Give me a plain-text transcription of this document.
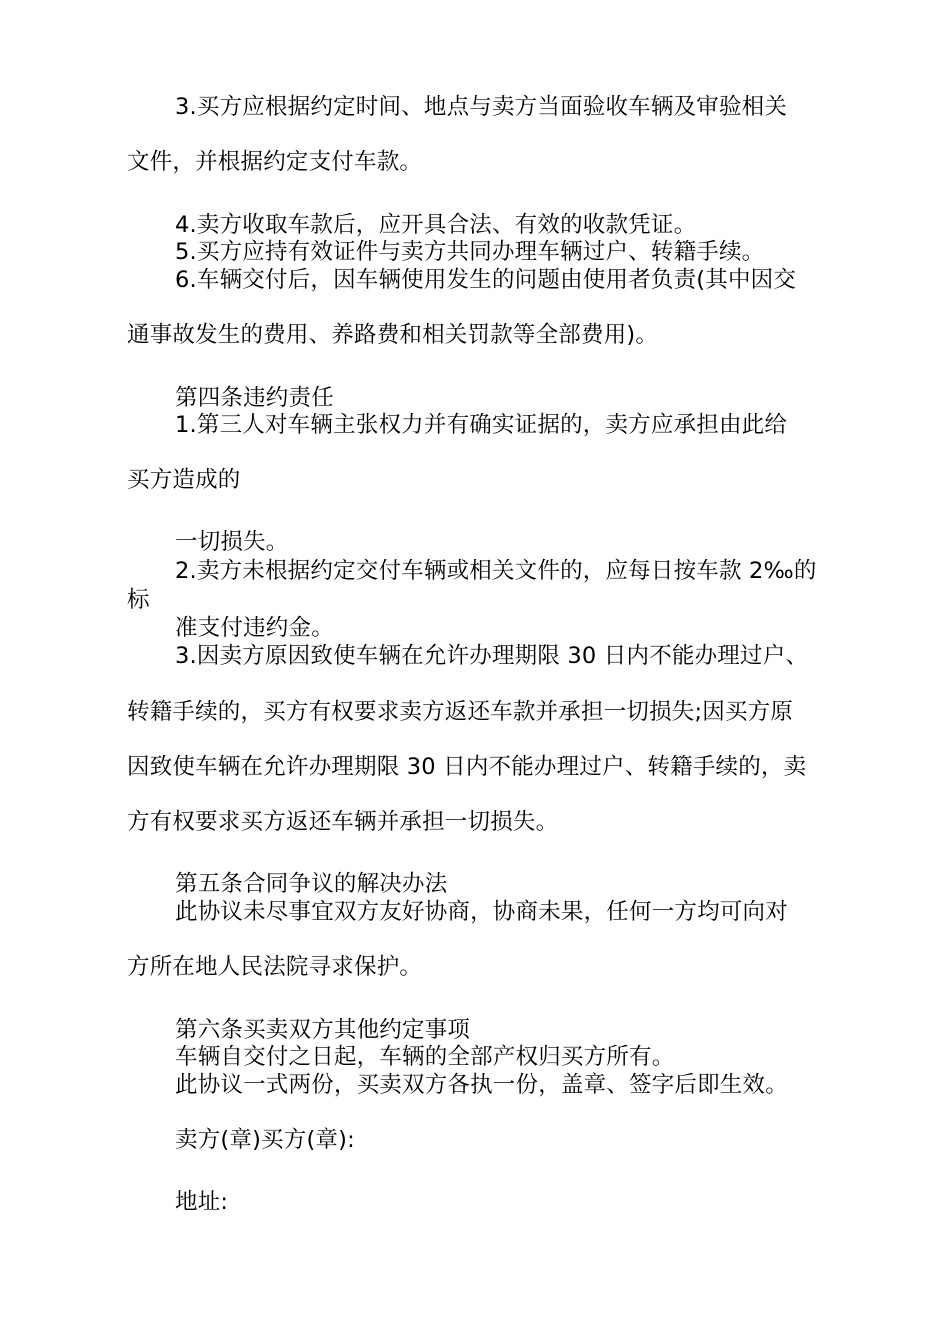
3.买方应根据约定时间、地点与卖方当面验收车辆及审验相关
文件，并根据约定支付车款。
4.卖方收取车款后，应开具合法、有效的收款凭证。
5.买方应持有效证件与卖方共同办理车辆过户、转籍手续。
6.车辆交付后，因车辆使用发生的问题由使用者负责(其中因交
通事故发生的费用、养路费和相关罚款等全部费用)。
第四条违约责任
1.第三人对车辆主张权力并有确实证据的，卖方应承担由此给
买方造成的
一切损失。
2.卖方未根据约定交付车辆或相关文件的，应每日按车款 2‰的
标
准支付违约金。
3.因卖方原因致使车辆在允许办理期限 30 日内不能办理过户、
转籍手续的，买方有权要求卖方返还车款并承担一切损失;因买方原
因致使车辆在允许办理期限 30 日内不能办理过户、转籍手续的，卖
方有权要求买方返还车辆并承担一切损失。
第五条合同争议的解决办法
此协议未尽事宜双方友好协商，协商未果，任何一方均可向对
方所在地人民法院寻求保护。
第六条买卖双方其他约定事项
车辆自交付之日起，车辆的全部产权归买方所有。
此协议一式两份，买卖双方各执一份，盖章、签字后即生效。
卖方(章)买方(章):
地址:
